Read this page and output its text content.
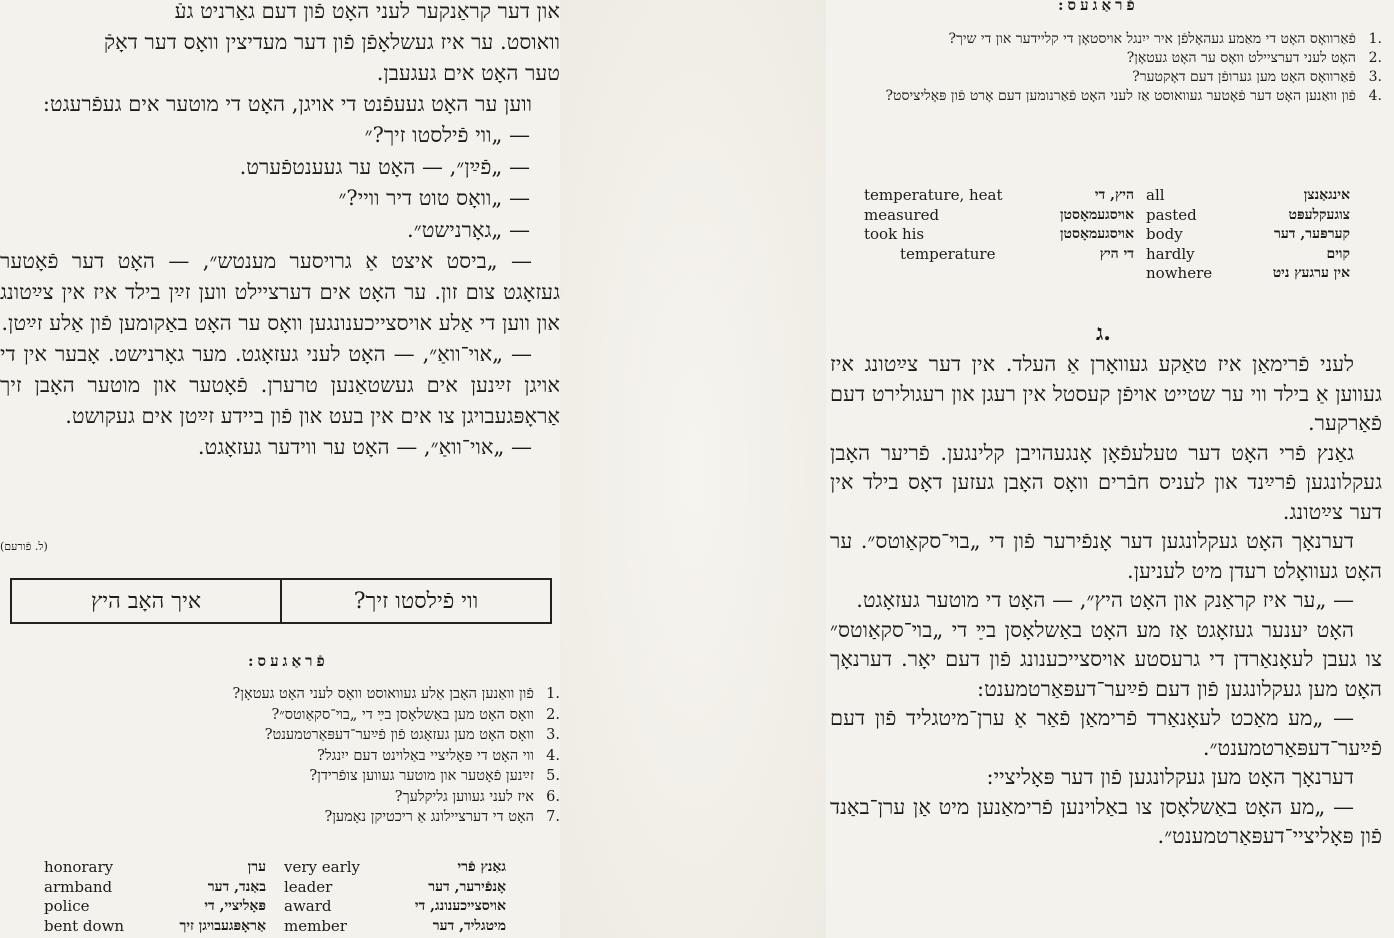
און דער קראַנקער לעני האָט פֿון דעם גאַרניט געֿ

וואוסט. ער איז געשלאָפֿן פֿון דער מעדיצין וואָס דער דאָקֿ

טער האָט אים געגעבן.

ווען ער האָט געעפֿנט די אויגן, האָט די מוטער אים געפֿרעגט:

— „ווי פֿילסטו זיך?״

— „פֿײַן״, — האָט ער געענטפֿערט.

— „וואָס טוט דיר וויי?״

— „גאָרנישט״.

— „ביסט איצט אַ גרויסער מענטש״, — האָט דער פֿאָטער געזאָגט צום זון. ער האָט אים דערציילט ווען זײַן בילד איז אין צײַטונג און ווען די אַלע אויסצייכענונגען וואָס ער האָט באַקומען פֿון אַלע זײַטן.

— „אוי־וואַ״, — האָט לעני געזאָגט. מער גאָרנישט. אָבער אין די אויגן זײַנען אים געשטאַנען טרערן. פֿאָטער און מוטער האָבן זיך אַראָפּגעבויגן צו אים אין בעט און פֿון ביידע זײַטן אים געקושט.

— „אוי־וואַ״, — האָט ער ווידער געזאָגט.

(ל. פֿורעם)
ווי פֿילסטו זיך?
איך האָב היץ
פֿראַגעס:
1.
פֿון וואַנען האָבן אַלע געוואוסט וואָס לעני האָט געטאָן?
2.
וואָס האָט מען באַשלאָסן בײַ די „בױ־סקאַוטס״?
3.
וואָס האָט מען געזאָגט פֿון פֿײַער־דעפּאַרטמענט?
4.
ווי האָט די פּאָליציי באַלוינט דעם ייִנגל?
5.
זײַנען פֿאָטער און מוטער געווען צופֿרידן?
6.
איז לעני געווען גליקלעך?
7.
האָט די דערציילונג אַ ריכטיקן נאָמען?
honorary	ערן very early	גאַנץ פֿרי
armband	באַנד, דער leader	אָנפֿירער, דער
police	פּאָליציי, די award	אויסצייכענונג, די
bent down	אַראָפּגעבויגן זיך member	מיטגליד, דער
פֿראַגעס:
1.
פֿאַרוואָס האָט די מאַמע געהאָלפֿן איר ייִנגל אויסטאָן די קליידער און די שיך?
2.
האָט לעני דערציילט וואָס ער האָט געטאָן?
3.
פֿאַרוואָס האָט מען גערופֿן דעם דאָקטער?
4.
פֿון וואַנען האָט דער פֿאָטער געוואוסט אַז לעני האָט פֿאַרנומען דעם אָרט פֿון פּאָליציסט?
temperature, heat	היץ, די all	אינגאַנצן
measured	אויסגעמאָסטן pasted	צוגעקלעפּט
took his	אויסגעמאָסטן body	קערפּער, דער
temperature	די היץ hardly	קוים
nowhere	אין ערגעץ ניט
ג.

לעני פֿרימאַן איז טאַקע געוואָרן אַ העלד. אין דער צײַטונג איז געווען אַ בילד ווי ער שטייט אויפֿן קעסטל אין רעגן און רעגולירט דעם פֿאַרקער.

גאַנץ פֿרי האָט דער טעלעפֿאָן אָנגעהויבן קלינגען. פֿריער האָבן געקלונגען פֿרײַנד און לעניס חבֿרים וואָס האָבן געזען דאָס בילד אין דער צײַטונג.

דערנאָך האָט געקלונגען דער אָנפֿירער פֿון די „בױ־סקאַוטס״. ער האָט געוואָלט רעדן מיט לעניען.

— „ער איז קראַנק און האָט היץ״, — האָט די מוטער געזאָגט.

האָט יענער געזאָגט אַז מע האָט באַשלאָסן בײַ די „בױ־סקאַוטס״ צו געבן לעאָנאַרדן די גרעסטע אויסצייכענונג פֿון דעם יאָר. דערנאָך האָט מען געקלונגען פֿון דעם פֿײַער־דעפּאַרטמענט:

— „מע מאַכט לעאָנאַרד פֿרימאַן פֿאַר אַ ערן־מיטגליד פֿון דעם פֿײַער־דעפּאַרטמענט״.

דערנאָך האָט מען געקלונגען פֿון דער פּאָליציי:

— „מע האָט באַשלאָסן צו באַלוינען פֿרימאַנען מיט אַן ערן־באַנד פֿון פּאָליציי־דעפּאַרטמענט״.
